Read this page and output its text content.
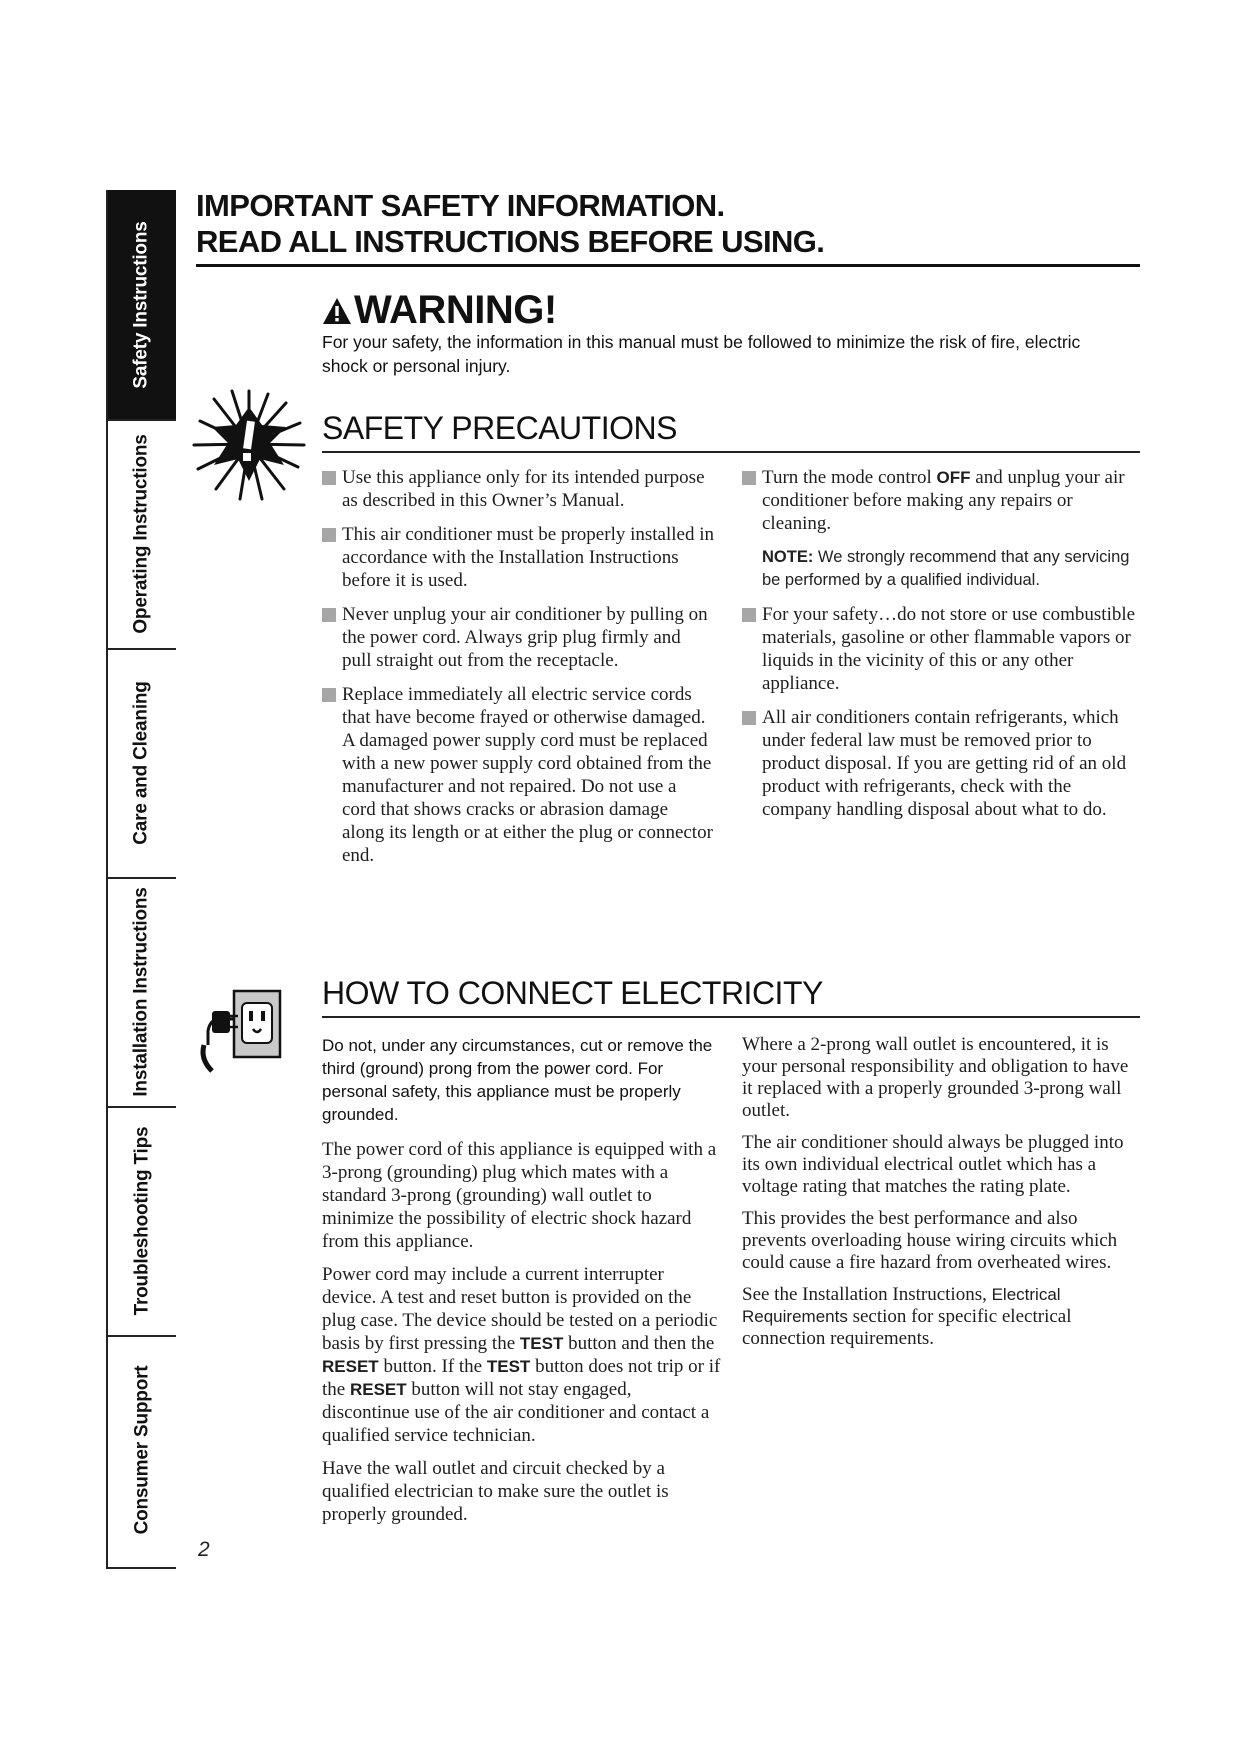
Safety Instructions
Operating Instructions
Care and Cleaning
Installation Instructions
Troubleshooting Tips
Consumer Support
2
IMPORTANT SAFETY INFORMATION.
READ ALL INSTRUCTIONS BEFORE USING.
WARNING!
For your safety, the information in this manual must be followed to minimize the risk of fire, electric shock or personal injury.
SAFETY PRECAUTIONS
Use this appliance only for its intended purpose as described in this Owner’s Manual.
This air conditioner must be properly installed in accordance with the Installation Instructions before it is used.
Never unplug your air conditioner by pulling on the power cord. Always grip plug firmly and pull straight out from the receptacle.
Replace immediately all electric service cords that have become frayed or otherwise damaged. A damaged power supply cord must be replaced with a new power supply cord obtained from the manufacturer and not repaired. Do not use a cord that shows cracks or abrasion damage along its length or at either the plug or connector end.
Turn the mode control OFF and unplug your air conditioner before making any repairs or cleaning.
NOTE: We strongly recommend that any servicing be performed by a qualified individual.
For your safety…do not store or use combustible materials, gasoline or other flammable vapors or liquids in the vicinity of this or any other appliance.
All air conditioners contain refrigerants, which under federal law must be removed prior to product disposal. If you are getting rid of an old product with refrigerants, check with the company handling disposal about what to do.
HOW TO CONNECT ELECTRICITY
Do not, under any circumstances, cut or remove the third (ground) prong from the power cord. For personal safety, this appliance must be properly grounded.
The power cord of this appliance is equipped with a 3-prong (grounding) plug which mates with a standard 3-prong (grounding) wall outlet to minimize the possibility of electric shock hazard from this appliance.
Power cord may include a current interrupter device. A test and reset button is provided on the plug case. The device should be tested on a periodic basis by first pressing the TEST button and then the RESET button. If the TEST button does not trip or if the RESET button will not stay engaged, discontinue use of the air conditioner and contact a qualified service technician.
Have the wall outlet and circuit checked by a qualified electrician to make sure the outlet is properly grounded.
Where a 2-prong wall outlet is encountered, it is your personal responsibility and obligation to have it replaced with a properly grounded 3-prong wall outlet.
The air conditioner should always be plugged into its own individual electrical outlet which has a voltage rating that matches the rating plate.
This provides the best performance and also prevents overloading house wiring circuits which could cause a fire hazard from overheated wires.
See the Installation Instructions, Electrical Requirements section for specific electrical connection requirements.
